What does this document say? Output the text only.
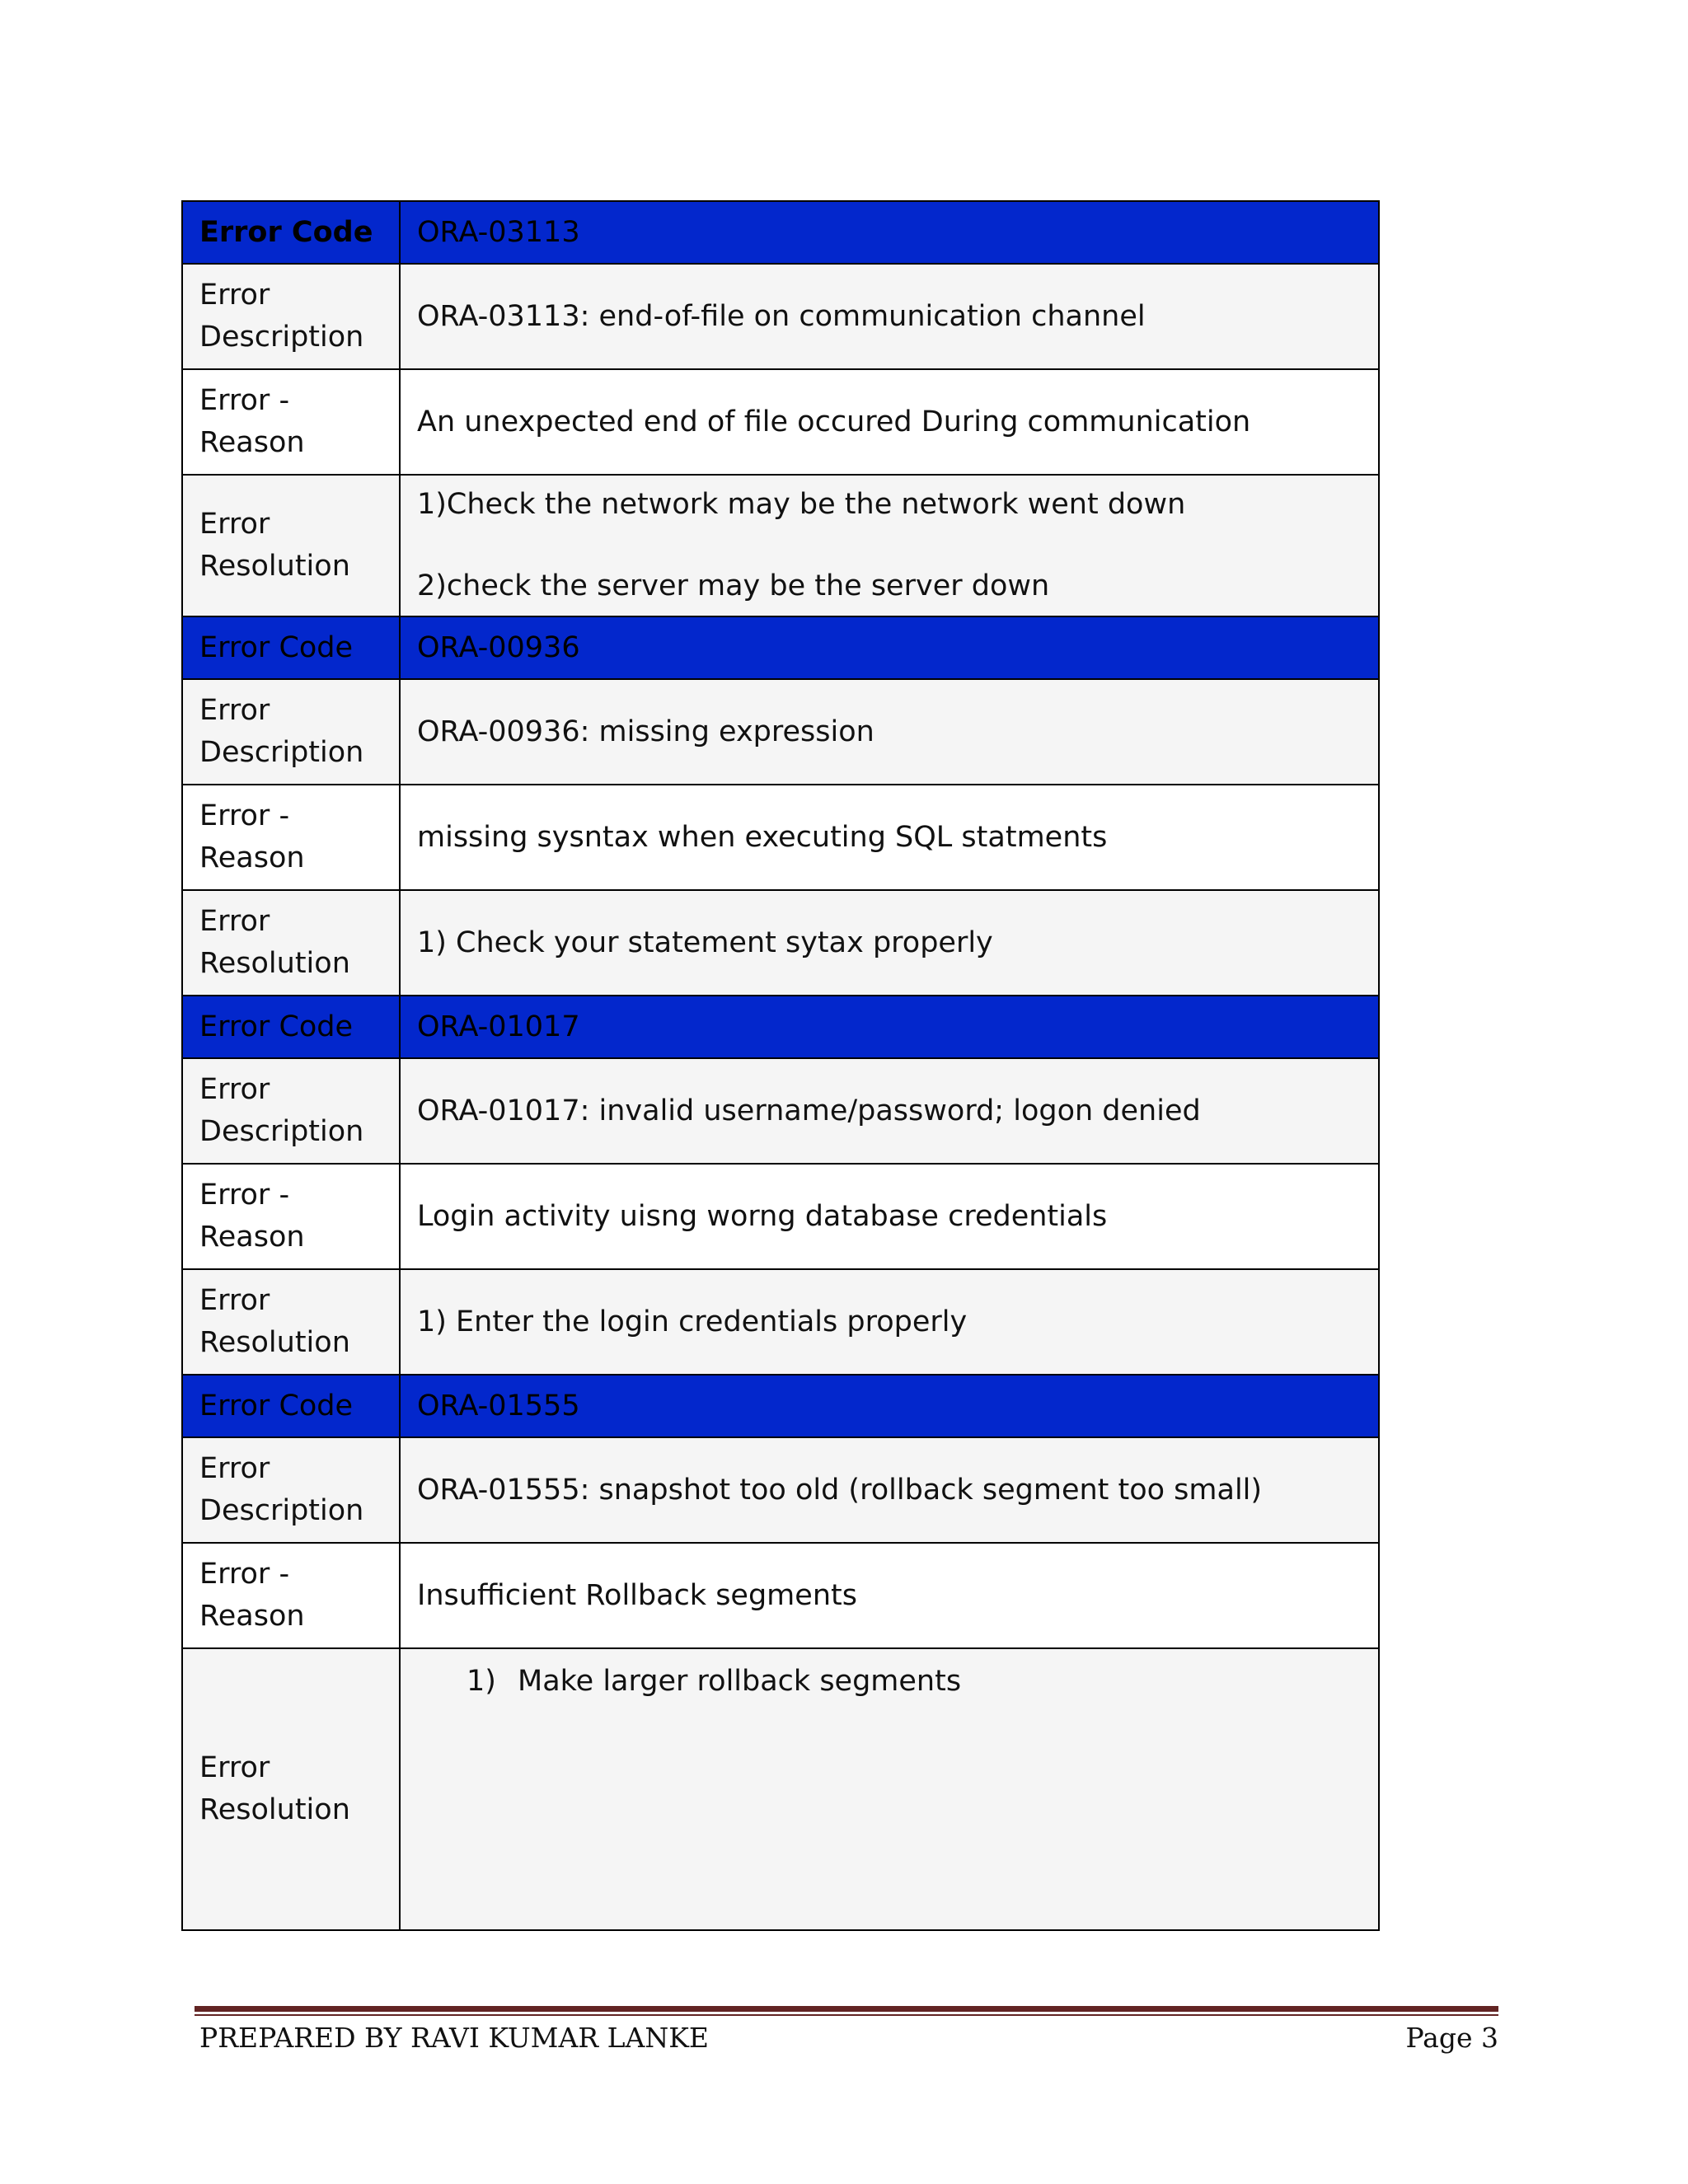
Error Code	ORA-03113
Error Description	ORA-03113: end-of-file on communication channel
Error - Reason	An unexpected end of file occured During communication
Error Resolution	1)Check the network may be the network went down
2)check the server may be the server down

Error Code	ORA-00936
Error Description	ORA-00936: missing expression
Error - Reason	missing sysntax when executing SQL statments
Error Resolution	1) Check your statement sytax properly
Error Code	ORA-01017
Error Description	ORA-01017: invalid username/password; logon denied
Error - Reason	Login activity uisng worng database credentials
Error Resolution	1) Enter the login credentials properly
Error Code	ORA-01555
Error Description	ORA-01555: snapshot too old (rollback segment too small)
Error - Reason	Insufficient Rollback segments
Error Resolution	1) Make larger rollback segments
PREPARED BY RAVI KUMAR LANKE	Page 3
